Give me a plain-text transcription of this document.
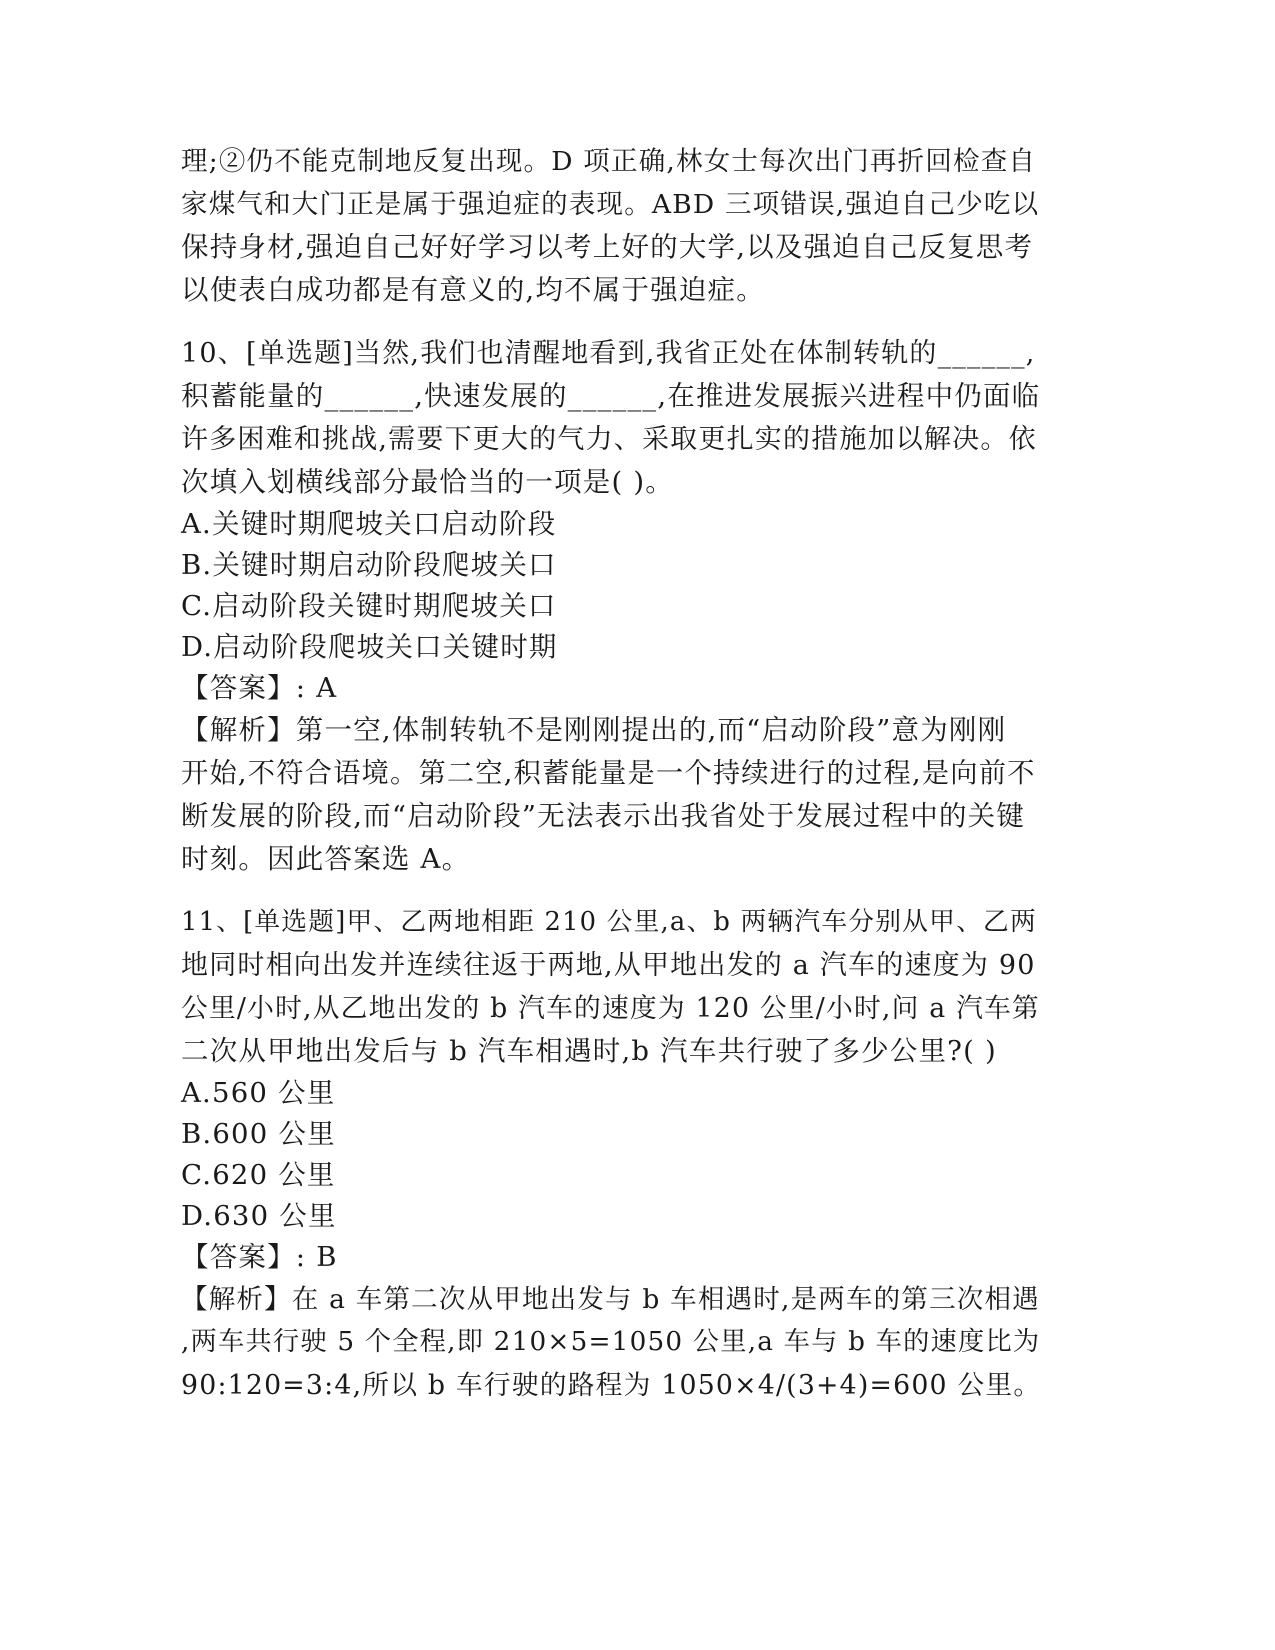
理;②仍不能克制地反复出现。D 项正确,林女士每次出门再折回检查自
家煤气和大门正是属于强迫症的表现。ABD 三项错误,强迫自己少吃以
保持身材,强迫自己好好学习以考上好的大学,以及强迫自己反复思考
以使表白成功都是有意义的,均不属于强迫症。
10、[单选题]当然,我们也清醒地看到,我省正处在体制转轨的______,
积蓄能量的______,快速发展的______,在推进发展振兴进程中仍面临
许多困难和挑战,需要下更大的气力、采取更扎实的措施加以解决。依
次填入划横线部分最恰当的一项是( )。
A.关键时期爬坡关口启动阶段
B.关键时期启动阶段爬坡关口
C.启动阶段关键时期爬坡关口
D.启动阶段爬坡关口关键时期
【答案】: A
【解析】第一空,体制转轨不是刚刚提出的,而“启动阶段”意为刚刚
开始,不符合语境。第二空,积蓄能量是一个持续进行的过程,是向前不
断发展的阶段,而“启动阶段”无法表示出我省处于发展过程中的关键
时刻。因此答案选 A。
11、[单选题]甲、乙两地相距 210 公里,a、b 两辆汽车分别从甲、乙两
地同时相向出发并连续往返于两地,从甲地出发的 a 汽车的速度为 90
公里/小时,从乙地出发的 b 汽车的速度为 120 公里/小时,问 a 汽车第
二次从甲地出发后与 b 汽车相遇时,b 汽车共行驶了多少公里?( )
A.560 公里
B.600 公里
C.620 公里
D.630 公里
【答案】: B
【解析】在 a 车第二次从甲地出发与 b 车相遇时,是两车的第三次相遇
,两车共行驶 5 个全程,即 210×5=1050 公里,a 车与 b 车的速度比为
90:120=3:4,所以 b 车行驶的路程为 1050×4/(3+4)=600 公里。
